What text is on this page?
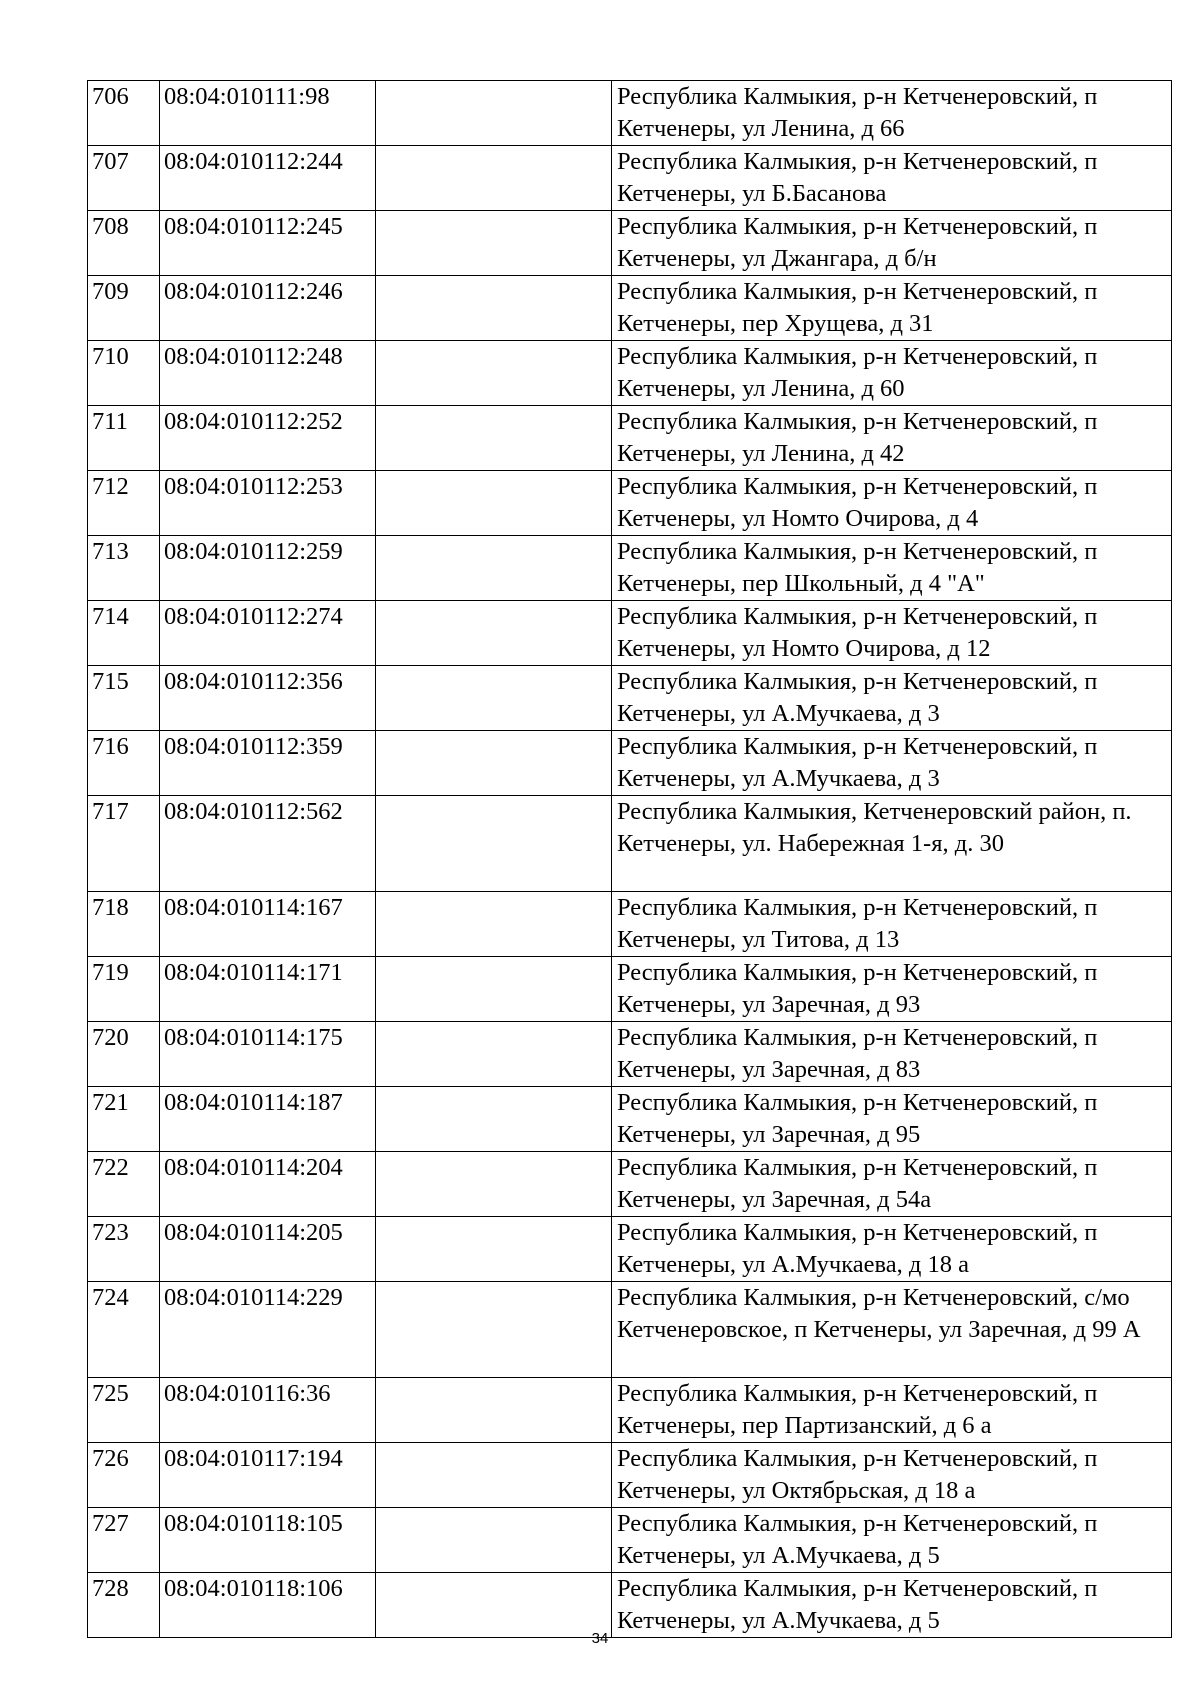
706	08:04:010111:98		Республика Калмыкия, р-н Кетченеровский, п Кетченеры, ул Ленина, д 66
707	08:04:010112:244		Республика Калмыкия, р-н Кетченеровский, п Кетченеры, ул Б.Басанова
708	08:04:010112:245		Республика Калмыкия, р-н Кетченеровский, п Кетченеры, ул Джангара, д б/н
709	08:04:010112:246		Республика Калмыкия, р-н Кетченеровский, п Кетченеры, пер Хрущева, д 31
710	08:04:010112:248		Республика Калмыкия, р-н Кетченеровский, п Кетченеры, ул Ленина, д 60
711	08:04:010112:252		Республика Калмыкия, р-н Кетченеровский, п Кетченеры, ул Ленина, д 42
712	08:04:010112:253		Республика Калмыкия, р-н Кетченеровский, п Кетченеры, ул Номто Очирова, д 4
713	08:04:010112:259		Республика Калмыкия, р-н Кетченеровский, п Кетченеры, пер Школьный, д 4 "А"
714	08:04:010112:274		Республика Калмыкия, р-н Кетченеровский, п Кетченеры, ул Номто Очирова, д 12
715	08:04:010112:356		Республика Калмыкия, р-н Кетченеровский, п Кетченеры, ул А.Мучкаева, д 3
716	08:04:010112:359		Республика Калмыкия, р-н Кетченеровский, п Кетченеры, ул А.Мучкаева, д 3
717	08:04:010112:562		Республика Калмыкия, Кетченеровский район, п. Кетченеры, ул. Набережная 1-я, д. 30
718	08:04:010114:167		Республика Калмыкия, р-н Кетченеровский, п Кетченеры, ул Титова, д 13
719	08:04:010114:171		Республика Калмыкия, р-н Кетченеровский, п Кетченеры, ул Заречная, д 93
720	08:04:010114:175		Республика Калмыкия, р-н Кетченеровский, п Кетченеры, ул Заречная, д 83
721	08:04:010114:187		Республика Калмыкия, р-н Кетченеровский, п Кетченеры, ул Заречная, д 95
722	08:04:010114:204		Республика Калмыкия, р-н Кетченеровский, п Кетченеры, ул Заречная, д 54а
723	08:04:010114:205		Республика Калмыкия, р-н Кетченеровский, п Кетченеры, ул А.Мучкаева, д 18 а
724	08:04:010114:229		Республика Калмыкия, р-н Кетченеровский, с/мо Кетченеровское, п Кетченеры, ул Заречная, д 99 А
725	08:04:010116:36		Республика Калмыкия, р-н Кетченеровский, п Кетченеры, пер Партизанский, д 6 а
726	08:04:010117:194		Республика Калмыкия, р-н Кетченеровский, п Кетченеры, ул Октябрьская, д 18 а
727	08:04:010118:105		Республика Калмыкия, р-н Кетченеровский, п Кетченеры, ул А.Мучкаева, д 5
728	08:04:010118:106		Республика Калмыкия, р-н Кетченеровский, п Кетченеры, ул А.Мучкаева, д 5
34
